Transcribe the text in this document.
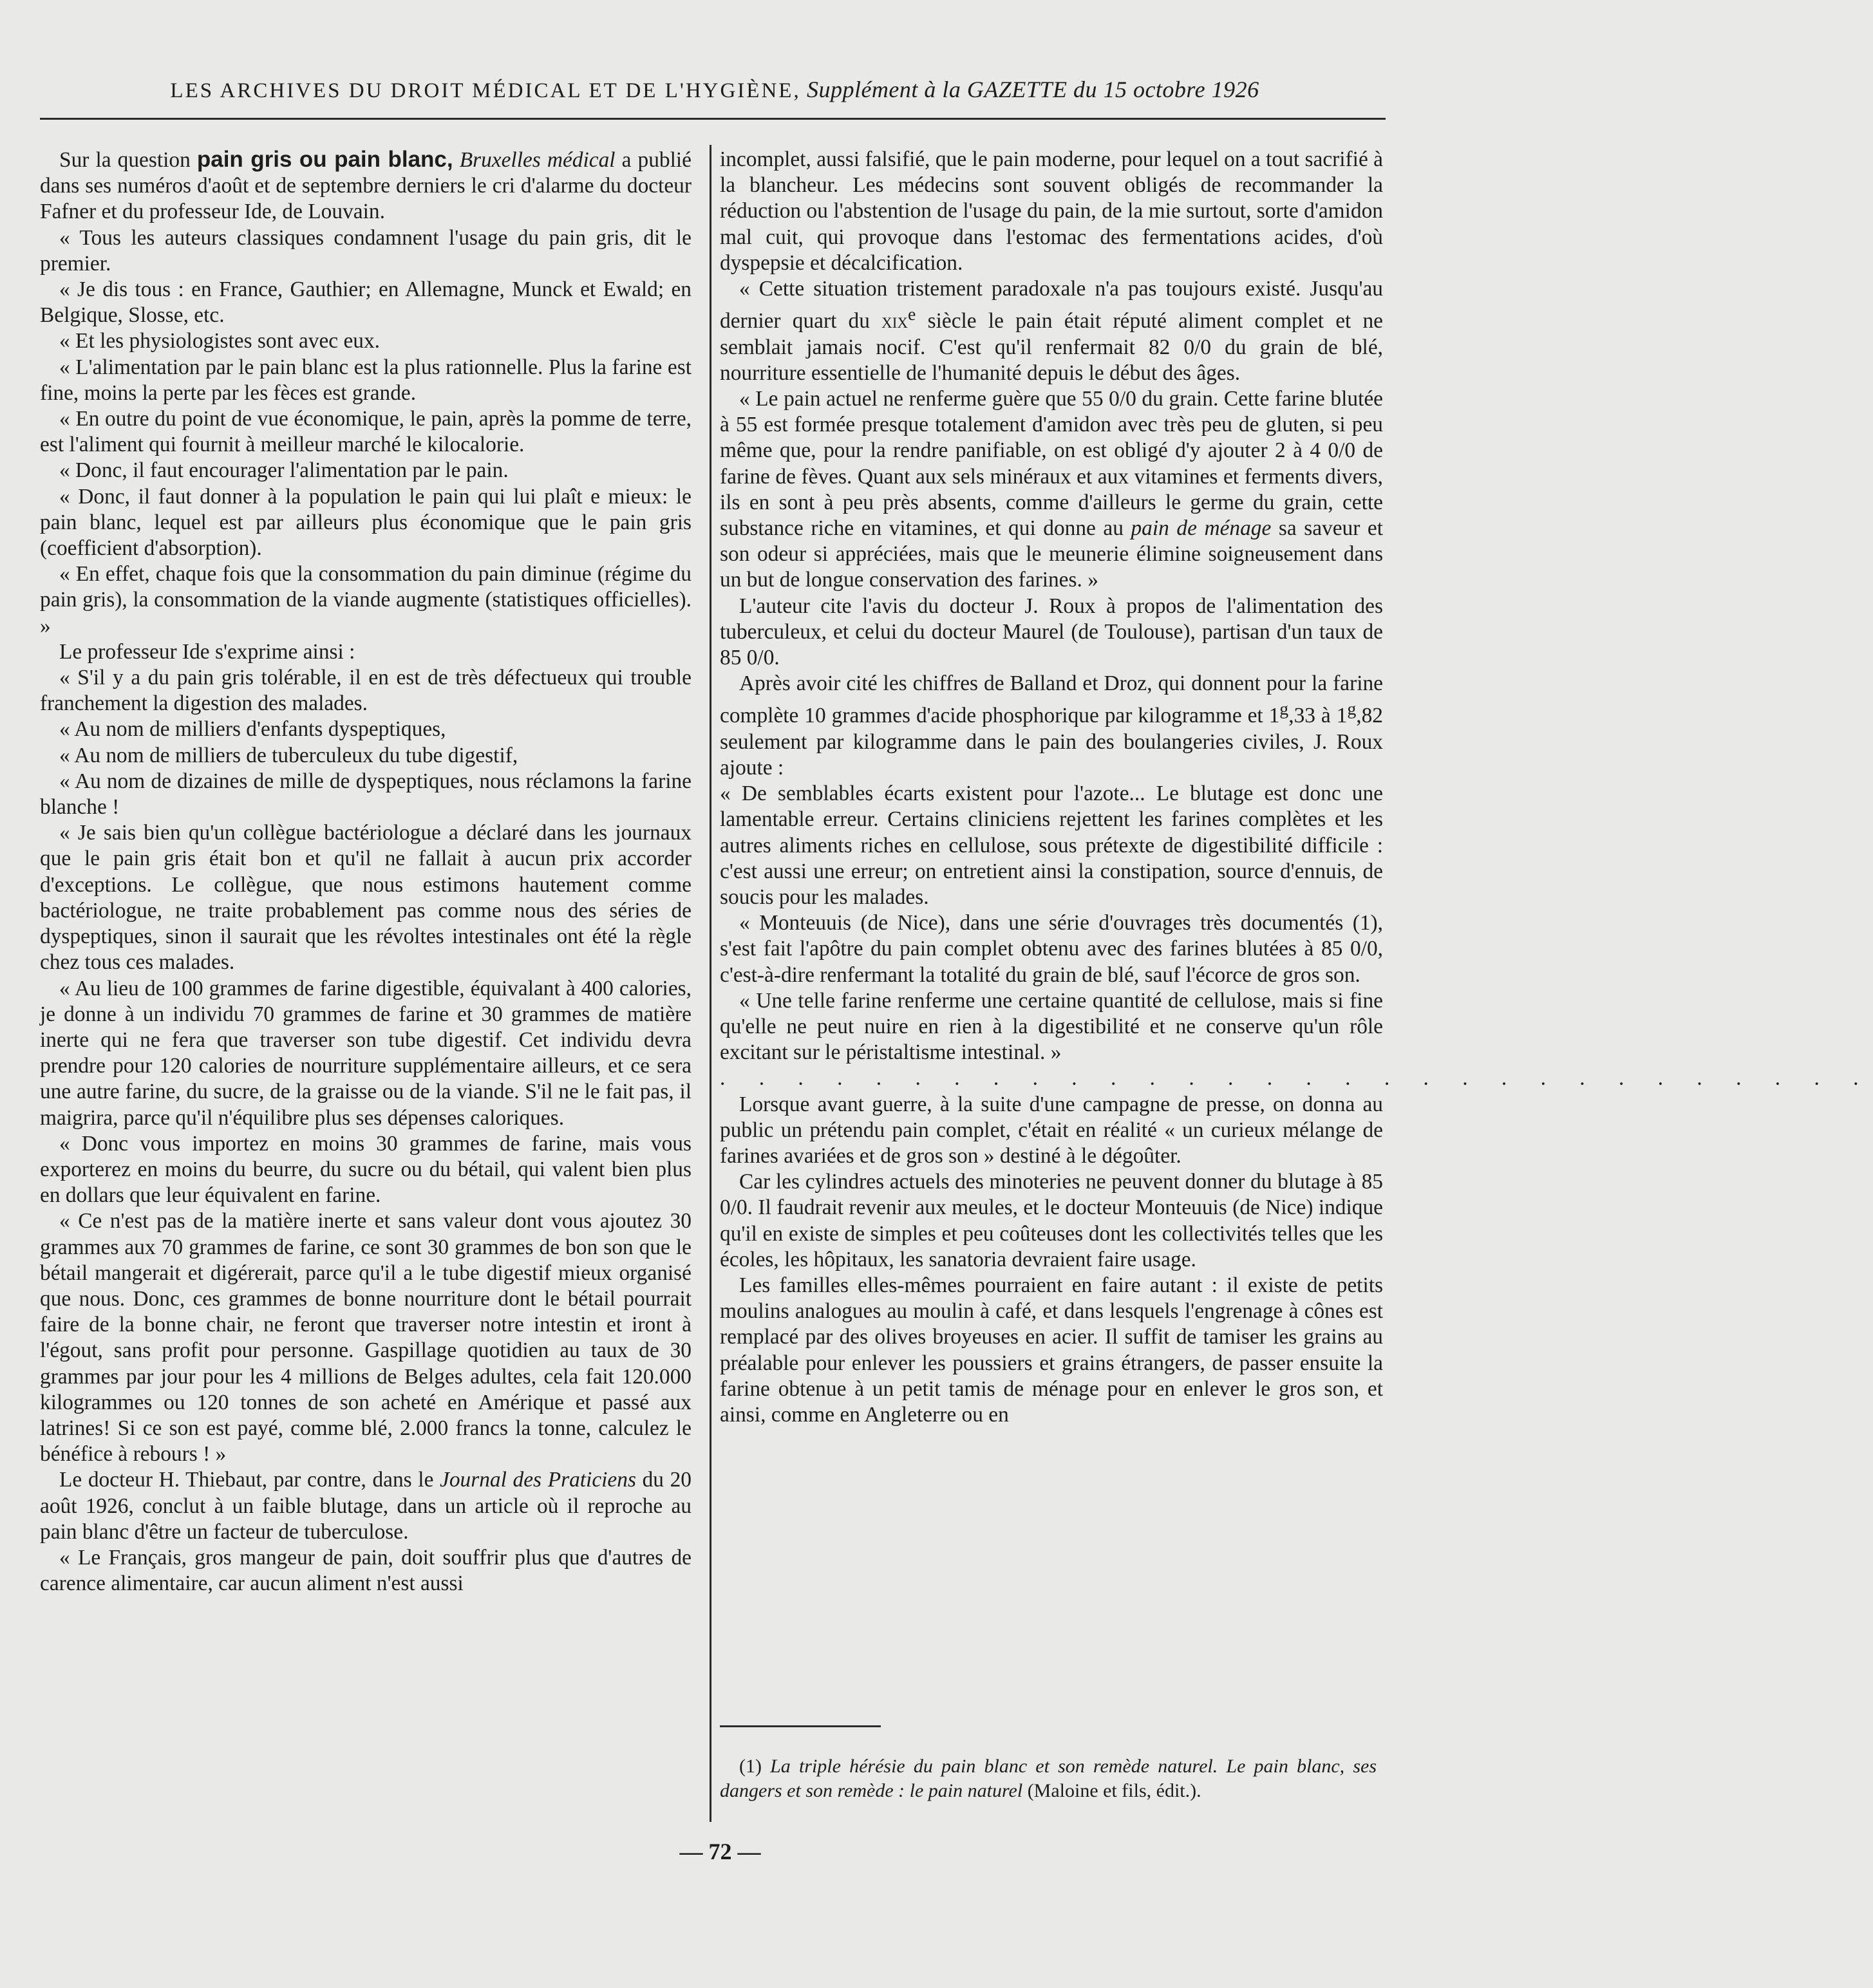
LES ARCHIVES DU DROIT MÉDICAL ET DE L'HYGIÈNE, Supplément à la GAZETTE du 15 octobre 1926

Sur la question pain gris ou pain blanc, Bruxelles médical a publié dans ses numéros d'août et de septembre derniers le cri d'alarme du docteur Fafner et du professeur Ide, de Louvain.

« Tous les auteurs classiques condamnent l'usage du pain gris, dit le premier.

« Je dis tous : en France, Gauthier; en Allemagne, Munck et Ewald; en Belgique, Slosse, etc.

« Et les physiologistes sont avec eux.

« L'alimentation par le pain blanc est la plus rationnelle. Plus la farine est fine, moins la perte par les fèces est grande.

« En outre du point de vue économique, le pain, après la pomme de terre, est l'aliment qui fournit à meilleur marché le kilocalorie.

« Donc, il faut encourager l'alimentation par le pain.

« Donc, il faut donner à la population le pain qui lui plaît e mieux: le pain blanc, lequel est par ailleurs plus économique que le pain gris (coefficient d'absorption).

« En effet, chaque fois que la consommation du pain diminue (régime du pain gris), la consommation de la viande augmente (statistiques officielles). »

Le professeur Ide s'exprime ainsi :

« S'il y a du pain gris tolérable, il en est de très défectueux qui trouble franchement la digestion des malades.

« Au nom de milliers d'enfants dyspeptiques,

« Au nom de milliers de tuberculeux du tube digestif,

« Au nom de dizaines de mille de dyspeptiques, nous réclamons la farine blanche !

« Je sais bien qu'un collègue bactériologue a déclaré dans les journaux que le pain gris était bon et qu'il ne fallait à aucun prix accorder d'exceptions. Le collègue, que nous estimons hautement comme bactériologue, ne traite probablement pas comme nous des séries de dyspeptiques, sinon il saurait que les révoltes intestinales ont été la règle chez tous ces malades.

« Au lieu de 100 grammes de farine digestible, équivalant à 400 calories, je donne à un individu 70 grammes de farine et 30 grammes de matière inerte qui ne fera que traverser son tube digestif. Cet individu devra prendre pour 120 calories de nourriture supplémentaire ailleurs, et ce sera une autre farine, du sucre, de la graisse ou de la viande. S'il ne le fait pas, il maigrira, parce qu'il n'équilibre plus ses dépenses caloriques.

« Donc vous importez en moins 30 grammes de farine, mais vous exporterez en moins du beurre, du sucre ou du bétail, qui valent bien plus en dollars que leur équivalent en farine.

« Ce n'est pas de la matière inerte et sans valeur dont vous ajoutez 30 grammes aux 70 grammes de farine, ce sont 30 grammes de bon son que le bétail mangerait et digérerait, parce qu'il a le tube digestif mieux organisé que nous. Donc, ces grammes de bonne nourriture dont le bétail pourrait faire de la bonne chair, ne feront que traverser notre intestin et iront à l'égout, sans profit pour personne. Gaspillage quotidien au taux de 30 grammes par jour pour les 4 millions de Belges adultes, cela fait 120.000 kilogrammes ou 120 tonnes de son acheté en Amérique et passé aux latrines! Si ce son est payé, comme blé, 2.000 francs la tonne, calculez le bénéfice à rebours ! »

Le docteur H. Thiebaut, par contre, dans le Journal des Praticiens du 20 août 1926, conclut à un faible blutage, dans un article où il reproche au pain blanc d'être un facteur de tuberculose.

« Le Français, gros mangeur de pain, doit souffrir plus que d'autres de carence alimentaire, car aucun aliment n'est aussi

incomplet, aussi falsifié, que le pain moderne, pour lequel on a tout sacrifié à la blancheur. Les médecins sont souvent obligés de recommander la réduction ou l'abstention de l'usage du pain, de la mie surtout, sorte d'amidon mal cuit, qui provoque dans l'estomac des fermentations acides, d'où dyspepsie et décalcification.

« Cette situation tristement paradoxale n'a pas toujours existé. Jusqu'au dernier quart du xix$^e$ siècle le pain était réputé aliment complet et ne semblait jamais nocif. C'est qu'il renfermait 82 0/0 du grain de blé, nourriture essentielle de l'humanité depuis le début des âges.

« Le pain actuel ne renferme guère que 55 0/0 du grain. Cette farine blutée à 55 est formée presque totalement d'amidon avec très peu de gluten, si peu même que, pour la rendre panifiable, on est obligé d'y ajouter 2 à 4 0/0 de farine de fèves. Quant aux sels minéraux et aux vitamines et ferments divers, ils en sont à peu près absents, comme d'ailleurs le germe du grain, cette substance riche en vitamines, et qui donne au pain de ménage sa saveur et son odeur si appréciées, mais que le meunerie élimine soigneusement dans un but de longue conservation des farines. »

L'auteur cite l'avis du docteur J. Roux à propos de l'alimentation des tuberculeux, et celui du docteur Maurel (de Toulouse), partisan d'un taux de 85 0/0.

Après avoir cité les chiffres de Balland et Droz, qui donnent pour la farine complète 10 grammes d'acide phosphorique par kilogramme et 1$^g$,33 à 1$^g$,82 seulement par kilogramme dans le pain des boulangeries civiles, J. Roux ajoute :

« De semblables écarts existent pour l'azote... Le blutage est donc une lamentable erreur. Certains cliniciens rejettent les farines complètes et les autres aliments riches en cellulose, sous prétexte de digestibilité difficile : c'est aussi une erreur; on entretient ainsi la constipation, source d'ennuis, de soucis pour les malades.

« Monteuuis (de Nice), dans une série d'ouvrages très documentés (1), s'est fait l'apôtre du pain complet obtenu avec des farines blutées à 85 0/0, c'est-à-dire renfermant la totalité du grain de blé, sauf l'écorce de gros son.

« Une telle farine renferme une certaine quantité de cellulose, mais si fine qu'elle ne peut nuire en rien à la digestibilité et ne conserve qu'un rôle excitant sur le péristaltisme intestinal. »

. . . . . . . . . . . . . . . . . . . . . . . . . . . . . .

Lorsque avant guerre, à la suite d'une campagne de presse, on donna au public un prétendu pain complet, c'était en réalité « un curieux mélange de farines avariées et de gros son » destiné à le dégoûter.

Car les cylindres actuels des minoteries ne peuvent donner du blutage à 85 0/0. Il faudrait revenir aux meules, et le docteur Monteuuis (de Nice) indique qu'il en existe de simples et peu coûteuses dont les collectivités telles que les écoles, les hôpitaux, les sanatoria devraient faire usage.

Les familles elles-mêmes pourraient en faire autant : il existe de petits moulins analogues au moulin à café, et dans lesquels l'engrenage à cônes est remplacé par des olives broyeuses en acier. Il suffit de tamiser les grains au préalable pour enlever les poussiers et grains étrangers, de passer ensuite la farine obtenue à un petit tamis de ménage pour en enlever le gros son, et ainsi, comme en Angleterre ou en

(1) La triple hérésie du pain blanc et son remède naturel. Le pain blanc, ses dangers et son remède : le pain naturel (Maloine et fils, édit.).
— 72 —
